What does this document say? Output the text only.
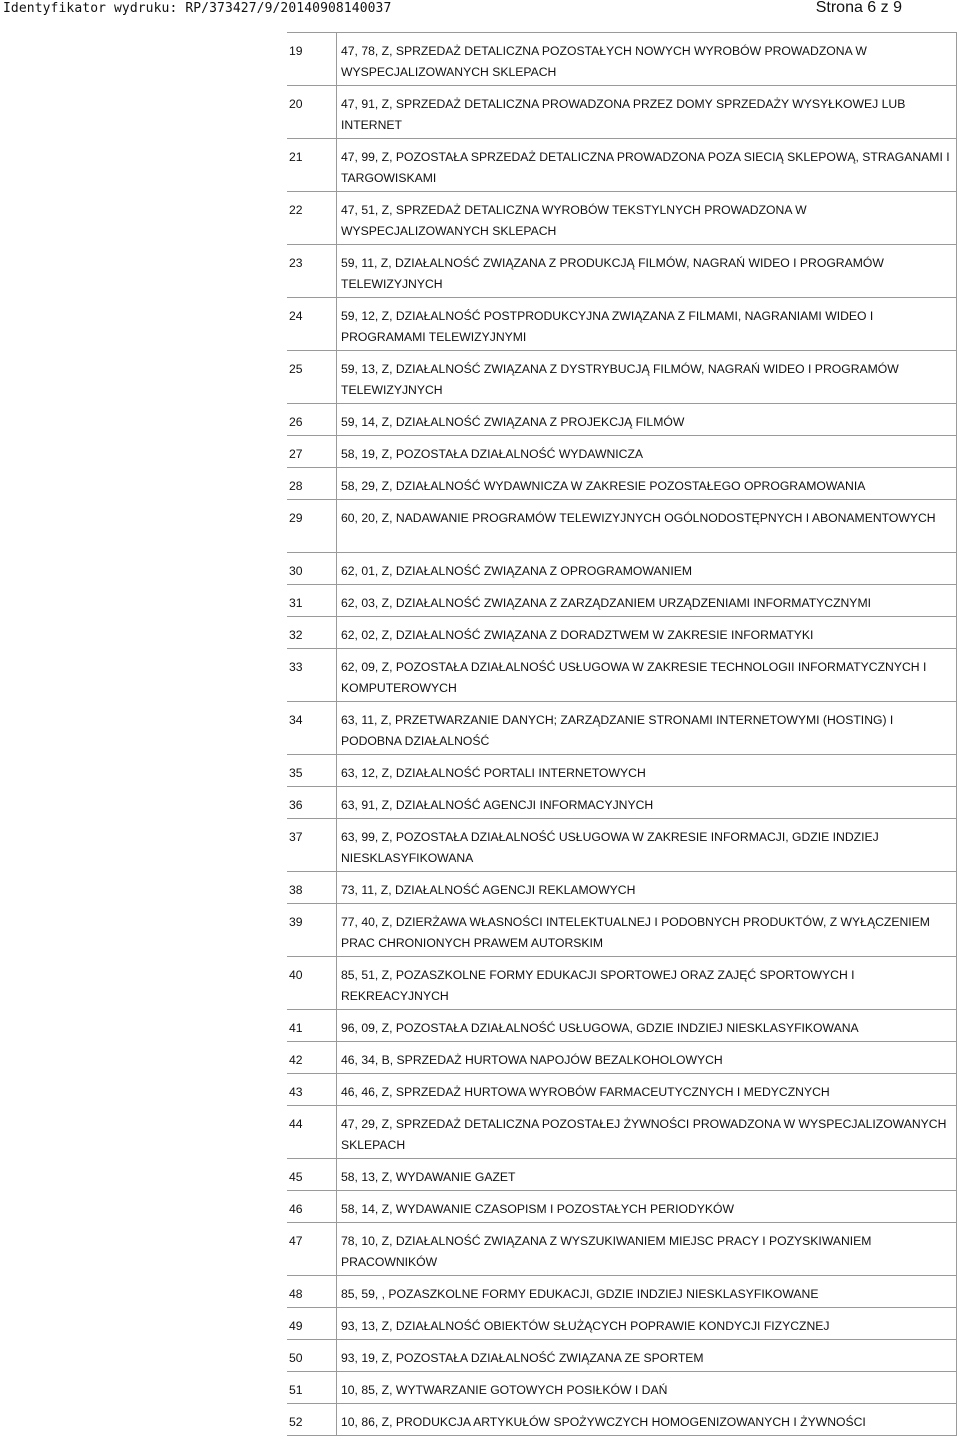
Identyfikator wydruku: RP/373427/9/20140908140037	Strona 6 z 9
19	47, 78, Z, SPRZEDAŻ DETALICZNA POZOSTAŁYCH NOWYCH WYROBÓW PROWADZONA W WYSPECJALIZOWANYCH SKLEPACH
20	47, 91, Z, SPRZEDAŻ DETALICZNA PROWADZONA PRZEZ DOMY SPRZEDAŻY WYSYŁKOWEJ LUB INTERNET
21	47, 99, Z, POZOSTAŁA SPRZEDAŻ DETALICZNA PROWADZONA POZA SIECIĄ SKLEPOWĄ, STRAGANAMI I TARGOWISKAMI
22	47, 51, Z, SPRZEDAŻ DETALICZNA WYROBÓW TEKSTYLNYCH PROWADZONA W WYSPECJALIZOWANYCH SKLEPACH
23	59, 11, Z, DZIAŁALNOŚĆ ZWIĄZANA Z PRODUKCJĄ FILMÓW, NAGRAŃ WIDEO I PROGRAMÓW TELEWIZYJNYCH
24	59, 12, Z, DZIAŁALNOŚĆ POSTPRODUKCYJNA ZWIĄZANA Z FILMAMI, NAGRANIAMI WIDEO I PROGRAMAMI TELEWIZYJNYMI
25	59, 13, Z, DZIAŁALNOŚĆ ZWIĄZANA Z DYSTRYBUCJĄ FILMÓW, NAGRAŃ WIDEO I PROGRAMÓW TELEWIZYJNYCH
26	59, 14, Z, DZIAŁALNOŚĆ ZWIĄZANA Z PROJEKCJĄ FILMÓW
27	58, 19, Z, POZOSTAŁA DZIAŁALNOŚĆ WYDAWNICZA
28	58, 29, Z, DZIAŁALNOŚĆ WYDAWNICZA W ZAKRESIE POZOSTAŁEGO OPROGRAMOWANIA
29	60, 20, Z, NADAWANIE PROGRAMÓW TELEWIZYJNYCH OGÓLNODOSTĘPNYCH I ABONAMENTOWYCH
30	62, 01, Z, DZIAŁALNOŚĆ ZWIĄZANA Z OPROGRAMOWANIEM
31	62, 03, Z, DZIAŁALNOŚĆ ZWIĄZANA Z ZARZĄDZANIEM URZĄDZENIAMI INFORMATYCZNYMI
32	62, 02, Z, DZIAŁALNOŚĆ ZWIĄZANA Z DORADZTWEM W ZAKRESIE INFORMATYKI
33	62, 09, Z, POZOSTAŁA DZIAŁALNOŚĆ USŁUGOWA W ZAKRESIE TECHNOLOGII INFORMATYCZNYCH I KOMPUTEROWYCH
34	63, 11, Z, PRZETWARZANIE DANYCH; ZARZĄDZANIE STRONAMI INTERNETOWYMI (HOSTING) I PODOBNA DZIAŁALNOŚĆ
35	63, 12, Z, DZIAŁALNOŚĆ PORTALI INTERNETOWYCH
36	63, 91, Z, DZIAŁALNOŚĆ AGENCJI INFORMACYJNYCH
37	63, 99, Z, POZOSTAŁA DZIAŁALNOŚĆ USŁUGOWA W ZAKRESIE INFORMACJI, GDZIE INDZIEJ NIESKLASYFIKOWANA
38	73, 11, Z, DZIAŁALNOŚĆ AGENCJI REKLAMOWYCH
39	77, 40, Z, DZIERŻAWA WŁASNOŚCI INTELEKTUALNEJ I PODOBNYCH PRODUKTÓW, Z WYŁĄCZENIEM PRAC CHRONIONYCH PRAWEM AUTORSKIM
40	85, 51, Z, POZASZKOLNE FORMY EDUKACJI SPORTOWEJ ORAZ ZAJĘĆ SPORTOWYCH I REKREACYJNYCH
41	96, 09, Z, POZOSTAŁA DZIAŁALNOŚĆ USŁUGOWA, GDZIE INDZIEJ NIESKLASYFIKOWANA
42	46, 34, B, SPRZEDAŻ HURTOWA NAPOJÓW BEZALKOHOLOWYCH
43	46, 46, Z, SPRZEDAŻ HURTOWA WYROBÓW FARMACEUTYCZNYCH I MEDYCZNYCH
44	47, 29, Z, SPRZEDAŻ DETALICZNA POZOSTAŁEJ ŻYWNOŚCI PROWADZONA W WYSPECJALIZOWANYCH SKLEPACH
45	58, 13, Z, WYDAWANIE GAZET
46	58, 14, Z, WYDAWANIE CZASOPISM I POZOSTAŁYCH PERIODYKÓW
47	78, 10, Z, DZIAŁALNOŚĆ ZWIĄZANA Z WYSZUKIWANIEM MIEJSC PRACY I POZYSKIWANIEM PRACOWNIKÓW
48	85, 59, , POZASZKOLNE FORMY EDUKACJI, GDZIE INDZIEJ NIESKLASYFIKOWANE
49	93, 13, Z, DZIAŁALNOŚĆ OBIEKTÓW SŁUŻĄCYCH POPRAWIE KONDYCJI FIZYCZNEJ
50	93, 19, Z, POZOSTAŁA DZIAŁALNOŚĆ ZWIĄZANA ZE SPORTEM
51	10, 85, Z, WYTWARZANIE GOTOWYCH POSIŁKÓW I DAŃ
52	10, 86, Z, PRODUKCJA ARTYKUŁÓW SPOŻYWCZYCH HOMOGENIZOWANYCH I ŻYWNOŚCI
